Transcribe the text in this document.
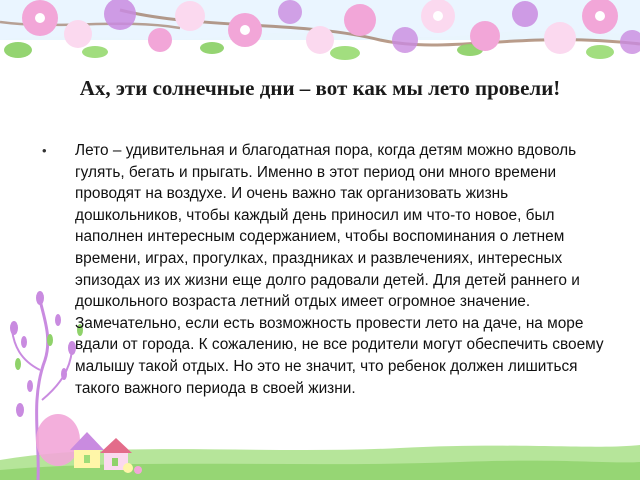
Ах, эти солнечные дни – вот как мы лето провели!
• Лето – удивительная и благодатная пора, когда детям можно вдоволь гулять, бегать и прыгать. Именно в этот период они много времени проводят на воздухе. И очень важно так организовать жизнь дошкольников, чтобы каждый день приносил им что-то новое, был наполнен интересным содержанием, чтобы воспоминания о летнем времени, играх, прогулках, праздниках и развлечениях, интересных эпизодах из их жизни еще долго радовали детей. Для детей раннего и дошкольного возраста летний отдых имеет огромное значение. Замечательно, если есть возможность провести лето на даче, на море вдали от города. К сожалению, не все родители могут обеспечить своему малышу такой отдых. Но это не значит, что ребенок должен лишиться такого важного периода в своей жизни.
